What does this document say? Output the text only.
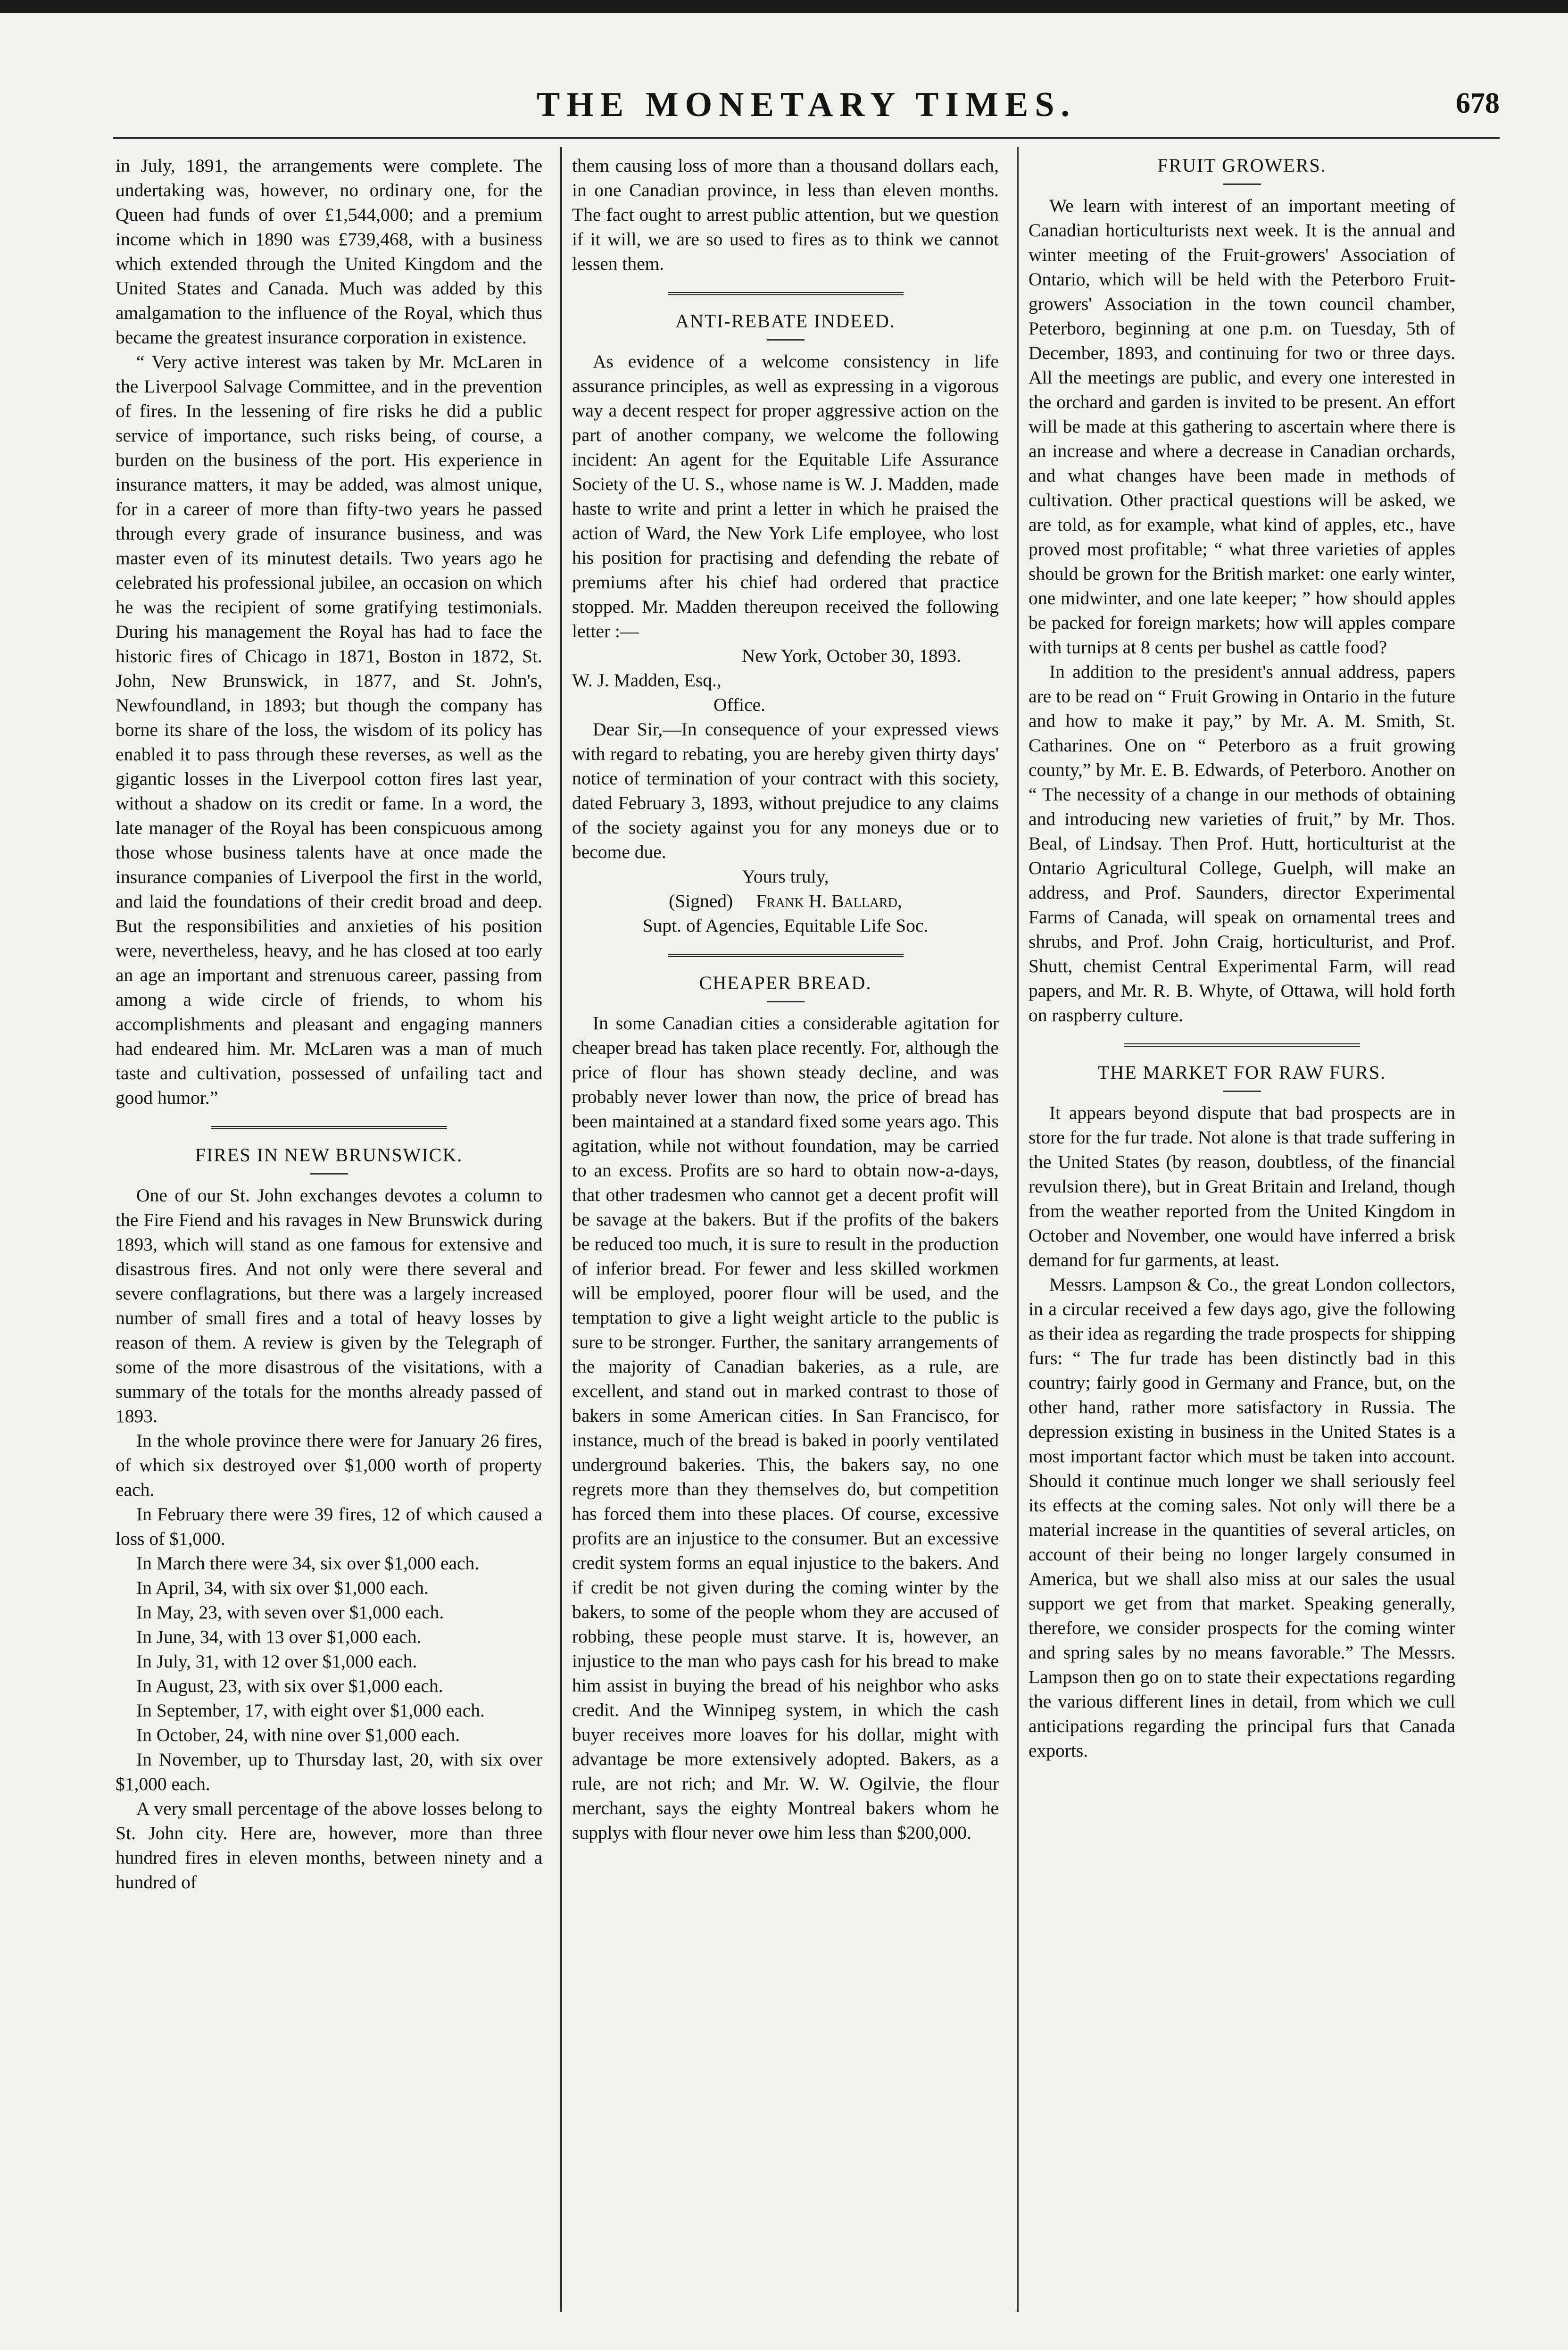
THE MONETARY TIMES.	678

in July, 1891, the arrangements were complete. The undertaking was, however, no ordinary one, for the Queen had funds of over £1,544,000; and a premium income which in 1890 was £739,468, with a business which extended through the United Kingdom and the United States and Canada. Much was added by this amalgamation to the influence of the Royal, which thus became the greatest insurance corporation in existence.

“ Very active interest was taken by Mr. McLaren in the Liverpool Salvage Committee, and in the prevention of fires. In the lessening of fire risks he did a public service of importance, such risks being, of course, a burden on the business of the port. His experience in insurance matters, it may be added, was almost unique, for in a career of more than fifty-two years he passed through every grade of insurance business, and was master even of its minutest details. Two years ago he celebrated his professional jubilee, an occasion on which he was the recipient of some gratifying testimonials. During his management the Royal has had to face the historic fires of Chicago in 1871, Boston in 1872, St. John, New Brunswick, in 1877, and St. John's, Newfoundland, in 1893; but though the company has borne its share of the loss, the wisdom of its policy has enabled it to pass through these reverses, as well as the gigantic losses in the Liverpool cotton fires last year, without a shadow on its credit or fame. In a word, the late manager of the Royal has been conspicuous among those whose business talents have at once made the insurance companies of Liverpool the first in the world, and laid the foundations of their credit broad and deep. But the responsibilities and anxieties of his position were, nevertheless, heavy, and he has closed at too early an age an important and strenuous career, passing from among a wide circle of friends, to whom his accomplishments and pleasant and engaging manners had endeared him. Mr. McLaren was a man of much taste and cultivation, possessed of unfailing tact and good humor.”

FIRES IN NEW BRUNSWICK.

One of our St. John exchanges devotes a column to the Fire Fiend and his ravages in New Brunswick during 1893, which will stand as one famous for extensive and disastrous fires. And not only were there several and severe conflagrations, but there was a largely increased number of small fires and a total of heavy losses by reason of them. A review is given by the Telegraph of some of the more disastrous of the visitations, with a summary of the totals for the months already passed of 1893.

In the whole province there were for January 26 fires, of which six destroyed over $1,000 worth of property each.

In February there were 39 fires, 12 of which caused a loss of $1,000.

In March there were 34, six over $1,000 each.

In April, 34, with six over $1,000 each.

In May, 23, with seven over $1,000 each.

In June, 34, with 13 over $1,000 each.

In July, 31, with 12 over $1,000 each.

In August, 23, with six over $1,000 each.

In September, 17, with eight over $1,000 each.

In October, 24, with nine over $1,000 each.

In November, up to Thursday last, 20, with six over $1,000 each.

A very small percentage of the above losses belong to St. John city. Here are, however, more than three hundred fires in eleven months, between ninety and a hundred of

them causing loss of more than a thousand dollars each, in one Canadian province, in less than eleven months. The fact ought to arrest public attention, but we question if it will, we are so used to fires as to think we cannot lessen them.

ANTI-REBATE INDEED.

As evidence of a welcome consistency in life assurance principles, as well as expressing in a vigorous way a decent respect for proper aggressive action on the part of another company, we welcome the following incident: An agent for the Equitable Life Assurance Society of the U. S., whose name is W. J. Madden, made haste to write and print a letter in which he praised the action of Ward, the New York Life employee, who lost his position for practising and defending the rebate of premiums after his chief had ordered that practice stopped. Mr. Madden thereupon received the following letter :—

New York, October 30, 1893.

W. J. Madden, Esq.,

Office.

Dear Sir,—In consequence of your expressed views with regard to rebating, you are hereby given thirty days' notice of termination of your contract with this society, dated February 3, 1893, without prejudice to any claims of the society against you for any moneys due or to become due.

Yours truly,

(Signed) Frank H. Ballard,

Supt. of Agencies, Equitable Life Soc.

CHEAPER BREAD.

In some Canadian cities a considerable agitation for cheaper bread has taken place recently. For, although the price of flour has shown steady decline, and was probably never lower than now, the price of bread has been maintained at a standard fixed some years ago. This agitation, while not without foundation, may be carried to an excess. Profits are so hard to obtain now-a-days, that other tradesmen who cannot get a decent profit will be savage at the bakers. But if the profits of the bakers be reduced too much, it is sure to result in the production of inferior bread. For fewer and less skilled workmen will be employed, poorer flour will be used, and the temptation to give a light weight article to the public is sure to be stronger. Further, the sanitary arrangements of the majority of Canadian bakeries, as a rule, are excellent, and stand out in marked contrast to those of bakers in some American cities. In San Francisco, for instance, much of the bread is baked in poorly ventilated underground bakeries. This, the bakers say, no one regrets more than they themselves do, but competition has forced them into these places. Of course, excessive profits are an injustice to the consumer. But an excessive credit system forms an equal injustice to the bakers. And if credit be not given during the coming winter by the bakers, to some of the people whom they are accused of robbing, these people must starve. It is, however, an injustice to the man who pays cash for his bread to make him assist in buying the bread of his neighbor who asks credit. And the Winnipeg system, in which the cash buyer receives more loaves for his dollar, might with advantage be more extensively adopted. Bakers, as a rule, are not rich; and Mr. W. W. Ogilvie, the flour merchant, says the eighty Montreal bakers whom he supplys with flour never owe him less than $200,000.

FRUIT GROWERS.

We learn with interest of an important meeting of Canadian horticulturists next week. It is the annual and winter meeting of the Fruit-growers' Association of Ontario, which will be held with the Peterboro Fruit-growers' Association in the town council chamber, Peterboro, beginning at one p.m. on Tuesday, 5th of December, 1893, and continuing for two or three days. All the meetings are public, and every one interested in the orchard and garden is invited to be present. An effort will be made at this gathering to ascertain where there is an increase and where a decrease in Canadian orchards, and what changes have been made in methods of cultivation. Other practical questions will be asked, we are told, as for example, what kind of apples, etc., have proved most profitable; “ what three varieties of apples should be grown for the British market: one early winter, one midwinter, and one late keeper; ” how should apples be packed for foreign markets; how will apples compare with turnips at 8 cents per bushel as cattle food?

In addition to the president's annual address, papers are to be read on “ Fruit Growing in Ontario in the future and how to make it pay,” by Mr. A. M. Smith, St. Catharines. One on “ Peterboro as a fruit growing county,” by Mr. E. B. Edwards, of Peterboro. Another on “ The necessity of a change in our methods of obtaining and introducing new varieties of fruit,” by Mr. Thos. Beal, of Lindsay. Then Prof. Hutt, horticulturist at the Ontario Agricultural College, Guelph, will make an address, and Prof. Saunders, director Experimental Farms of Canada, will speak on ornamental trees and shrubs, and Prof. John Craig, horticulturist, and Prof. Shutt, chemist Central Experimental Farm, will read papers, and Mr. R. B. Whyte, of Ottawa, will hold forth on raspberry culture.

THE MARKET FOR RAW FURS.

It appears beyond dispute that bad prospects are in store for the fur trade. Not alone is that trade suffering in the United States (by reason, doubtless, of the financial revulsion there), but in Great Britain and Ireland, though from the weather reported from the United Kingdom in October and November, one would have inferred a brisk demand for fur garments, at least.

Messrs. Lampson & Co., the great London collectors, in a circular received a few days ago, give the following as their idea as regarding the trade prospects for shipping furs: “ The fur trade has been distinctly bad in this country; fairly good in Germany and France, but, on the other hand, rather more satisfactory in Russia. The depression existing in business in the United States is a most important factor which must be taken into account. Should it continue much longer we shall seriously feel its effects at the coming sales. Not only will there be a material increase in the quantities of several articles, on account of their being no longer largely consumed in America, but we shall also miss at our sales the usual support we get from that market. Speaking generally, therefore, we consider prospects for the coming winter and spring sales by no means favorable.” The Messrs. Lampson then go on to state their expectations regarding the various different lines in detail, from which we cull anticipations regarding the principal furs that Canada exports.
